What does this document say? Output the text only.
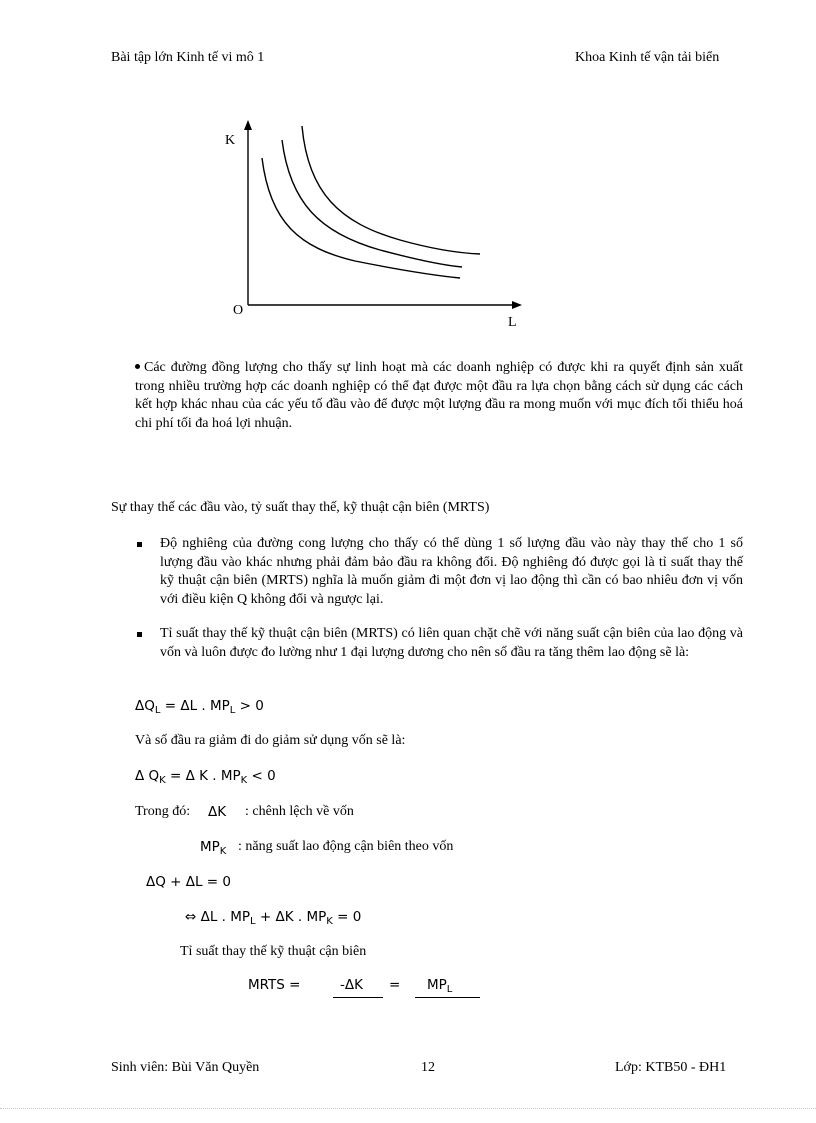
Bài tập lớn Kinh tế vi mô 1	Khoa Kinh tế vận tải biển
K
O
L
Các đường đồng lượng cho thấy sự linh hoạt mà các doanh nghiệp có được khi ra quyết định sản xuất trong nhiều trường hợp các doanh nghiệp có thể đạt được một đầu ra lựa chọn bằng cách sử dụng các cách kết hợp khác nhau của các yếu tố đầu vào để được một lượng đầu ra mong muốn với mục đích tối thiểu hoá chi phí tối đa hoá lợi nhuận.
Sự thay thế các đầu vào, tỷ suất thay thế, kỹ thuật cận biên (MRTS)
Độ nghiêng của đường cong lượng cho thấy có thể dùng 1 số lượng đầu vào này thay thế cho 1 số lượng đầu vào khác nhưng phải đảm bảo đầu ra không đổi. Độ nghiêng đó được gọi là tỉ suất thay thế kỹ thuật cận biên (MRTS) nghĩa là muốn giảm đi một đơn vị lao động thì cần có bao nhiêu đơn vị vốn với điều kiện Q không đổi và ngược lại.
Tỉ suất thay thế kỹ thuật cận biên (MRTS) có liên quan chặt chẽ với năng suất cận biên của lao động và vốn và luôn được đo lường như 1 đại lượng dương cho nên số đầu ra tăng thêm lao động sẽ là:
$\Delta Q_L = \Delta L$ . $MP_L > 0$
Và số đầu ra giảm đi do giảm sử dụng vốn sẽ là:
Δ $Q_K = \Delta$ K . $MP_K < 0$
Trong đó: ΔK : chênh lệch về vốn
$MP_K$ : năng suất lao động cận biên theo vốn
ΔQ + ΔL = 0
⇔ ΔL . $MP_L + \Delta K$ . $MP_K = 0$
Tỉ suất thay thế kỹ thuật cận biên
MRTS =	$-\Delta K = MP_L$
Sinh viên: Bùi Văn Quyền	12	Lớp: KTB50 - ĐH1
